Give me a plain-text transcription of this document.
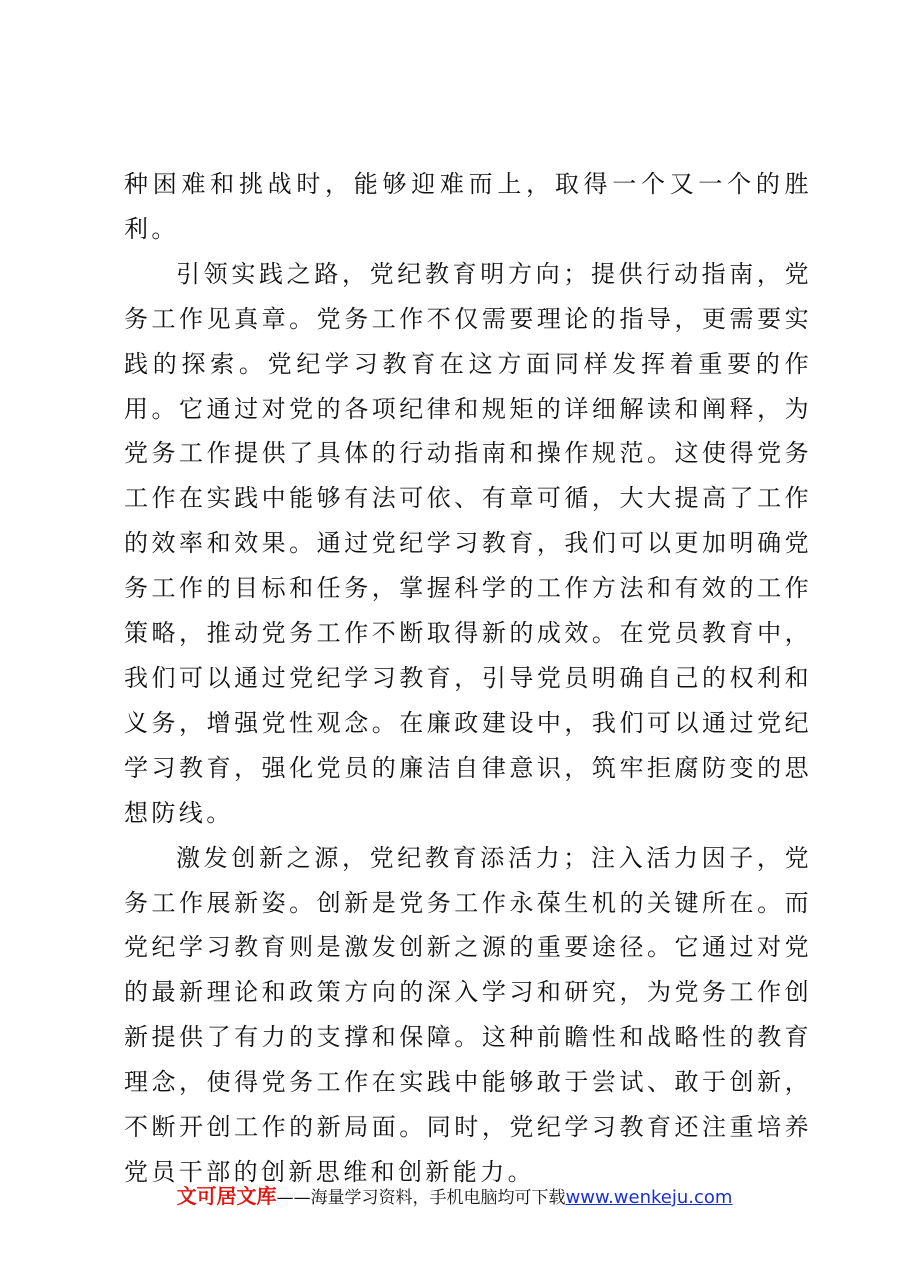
种困难和挑战时，能够迎难而上，取得一个又一个的胜利。

引领实践之路，党纪教育明方向；提供行动指南，党务工作见真章。党务工作不仅需要理论的指导，更需要实践的探索。党纪学习教育在这方面同样发挥着重要的作用。它通过对党的各项纪律和规矩的详细解读和阐释，为党务工作提供了具体的行动指南和操作规范。这使得党务工作在实践中能够有法可依、有章可循，大大提高了工作的效率和效果。通过党纪学习教育，我们可以更加明确党务工作的目标和任务，掌握科学的工作方法和有效的工作策略，推动党务工作不断取得新的成效。在党员教育中，我们可以通过党纪学习教育，引导党员明确自己的权利和义务，增强党性观念。在廉政建设中，我们可以通过党纪学习教育，强化党员的廉洁自律意识，筑牢拒腐防变的思想防线。

激发创新之源，党纪教育添活力；注入活力因子，党务工作展新姿。创新是党务工作永葆生机的关键所在。而党纪学习教育则是激发创新之源的重要途径。它通过对党的最新理论和政策方向的深入学习和研究，为党务工作创新提供了有力的支撑和保障。这种前瞻性和战略性的教育理念，使得党务工作在实践中能够敢于尝试、敢于创新，不断开创工作的新局面。同时，党纪学习教育还注重培养党员干部的创新思维和创新能力。

文可居文库——海量学习资料，手机电脑均可下载www.wenkeju.com
